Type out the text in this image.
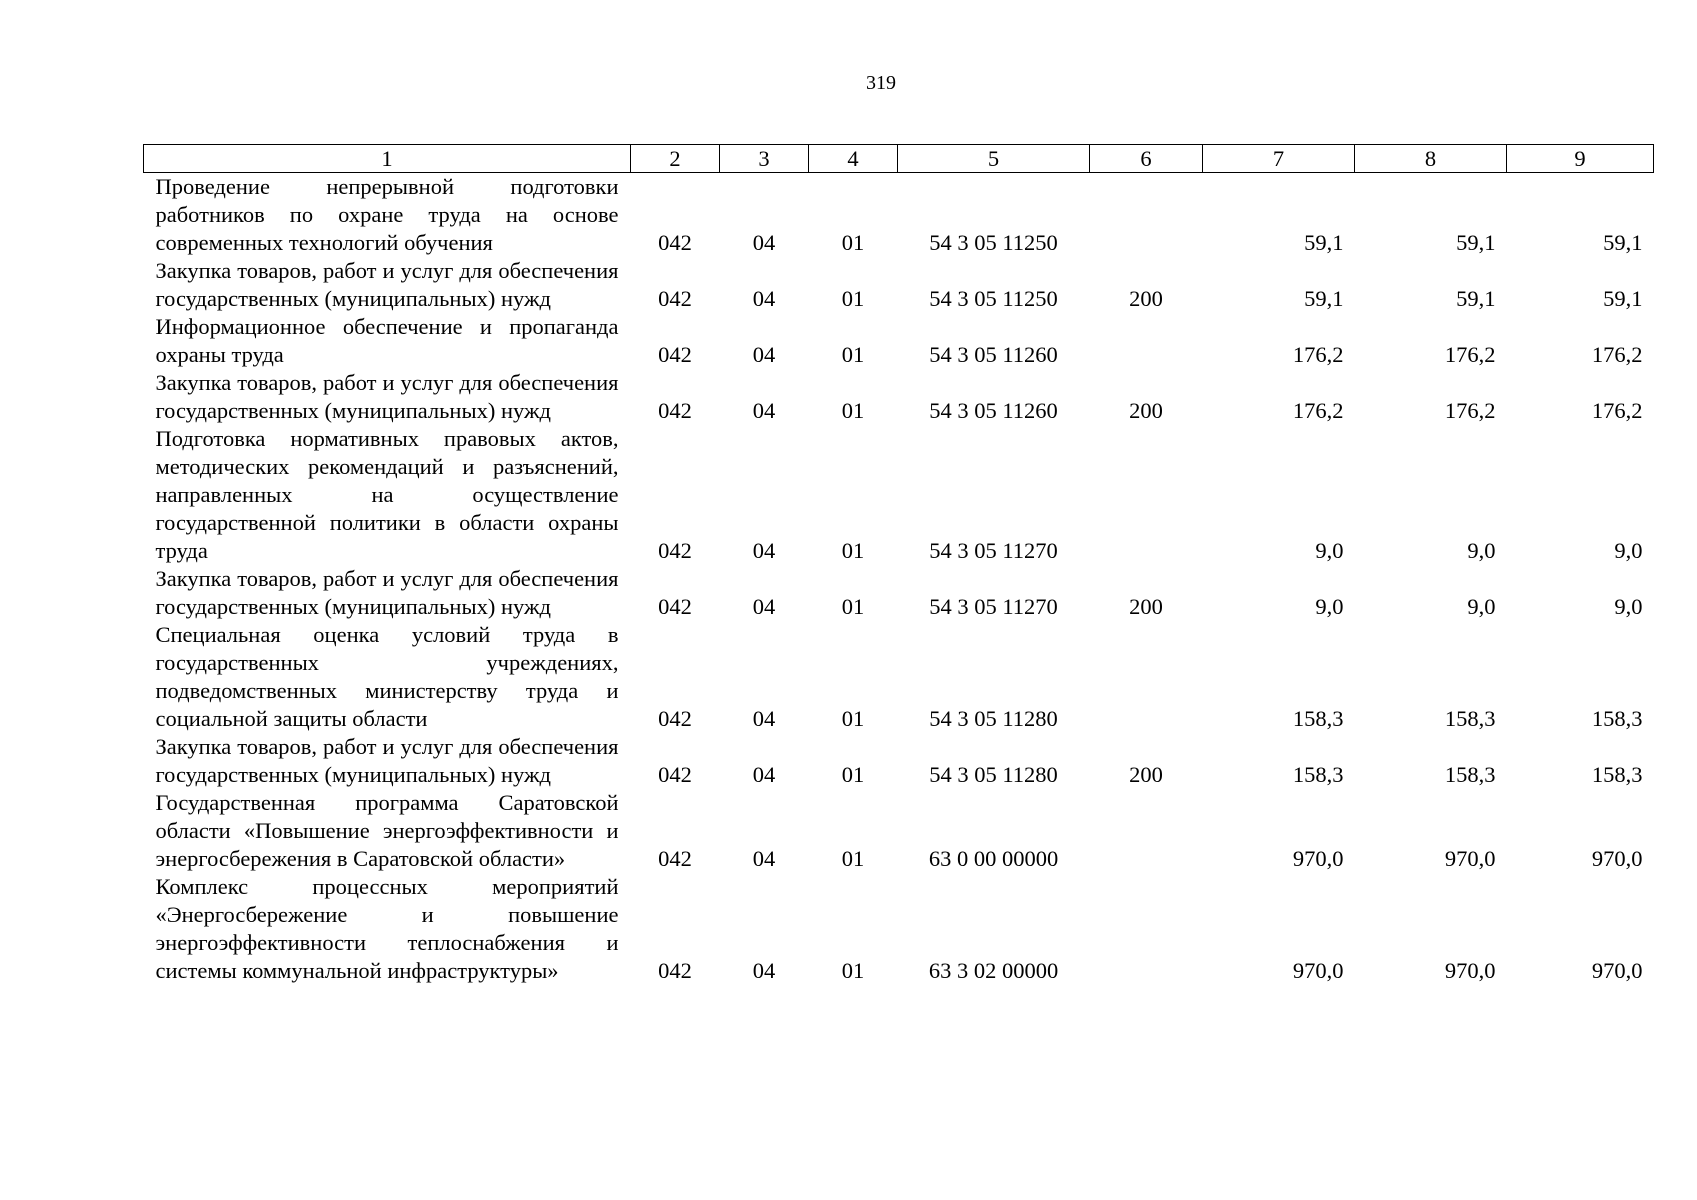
319
1	2	3	4	5	6	7	8	9
Проведение непрерывной подготовки работников по охране труда на основе современных технологий обучения	042	04	01	54 3 05 11250		59,1	59,1	59,1
Закупка товаров, работ и услуг для обеспечения государственных (муниципальных) нужд	042	04	01	54 3 05 11250	200	59,1	59,1	59,1
Информационное обеспечение и пропаганда охраны труда	042	04	01	54 3 05 11260		176,2	176,2	176,2
Закупка товаров, работ и услуг для обеспечения государственных (муниципальных) нужд	042	04	01	54 3 05 11260	200	176,2	176,2	176,2
Подготовка нормативных правовых актов, методических рекомендаций и разъяснений, направленных на осуществление государственной политики в области охраны труда	042	04	01	54 3 05 11270		9,0	9,0	9,0
Закупка товаров, работ и услуг для обеспечения государственных (муниципальных) нужд	042	04	01	54 3 05 11270	200	9,0	9,0	9,0
Специальная оценка условий труда в государственных учреждениях, подведомственных министерству труда и социальной защиты области	042	04	01	54 3 05 11280		158,3	158,3	158,3
Закупка товаров, работ и услуг для обеспечения государственных (муниципальных) нужд	042	04	01	54 3 05 11280	200	158,3	158,3	158,3
Государственная программа Саратовской области «Повышение энергоэффективности и энергосбережения в Саратовской области»	042	04	01	63 0 00 00000		970,0	970,0	970,0
Комплекс процессных мероприятий «Энергосбережение и повышение энергоэффективности теплоснабжения и системы коммунальной инфраструктуры»	042	04	01	63 3 02 00000		970,0	970,0	970,0
